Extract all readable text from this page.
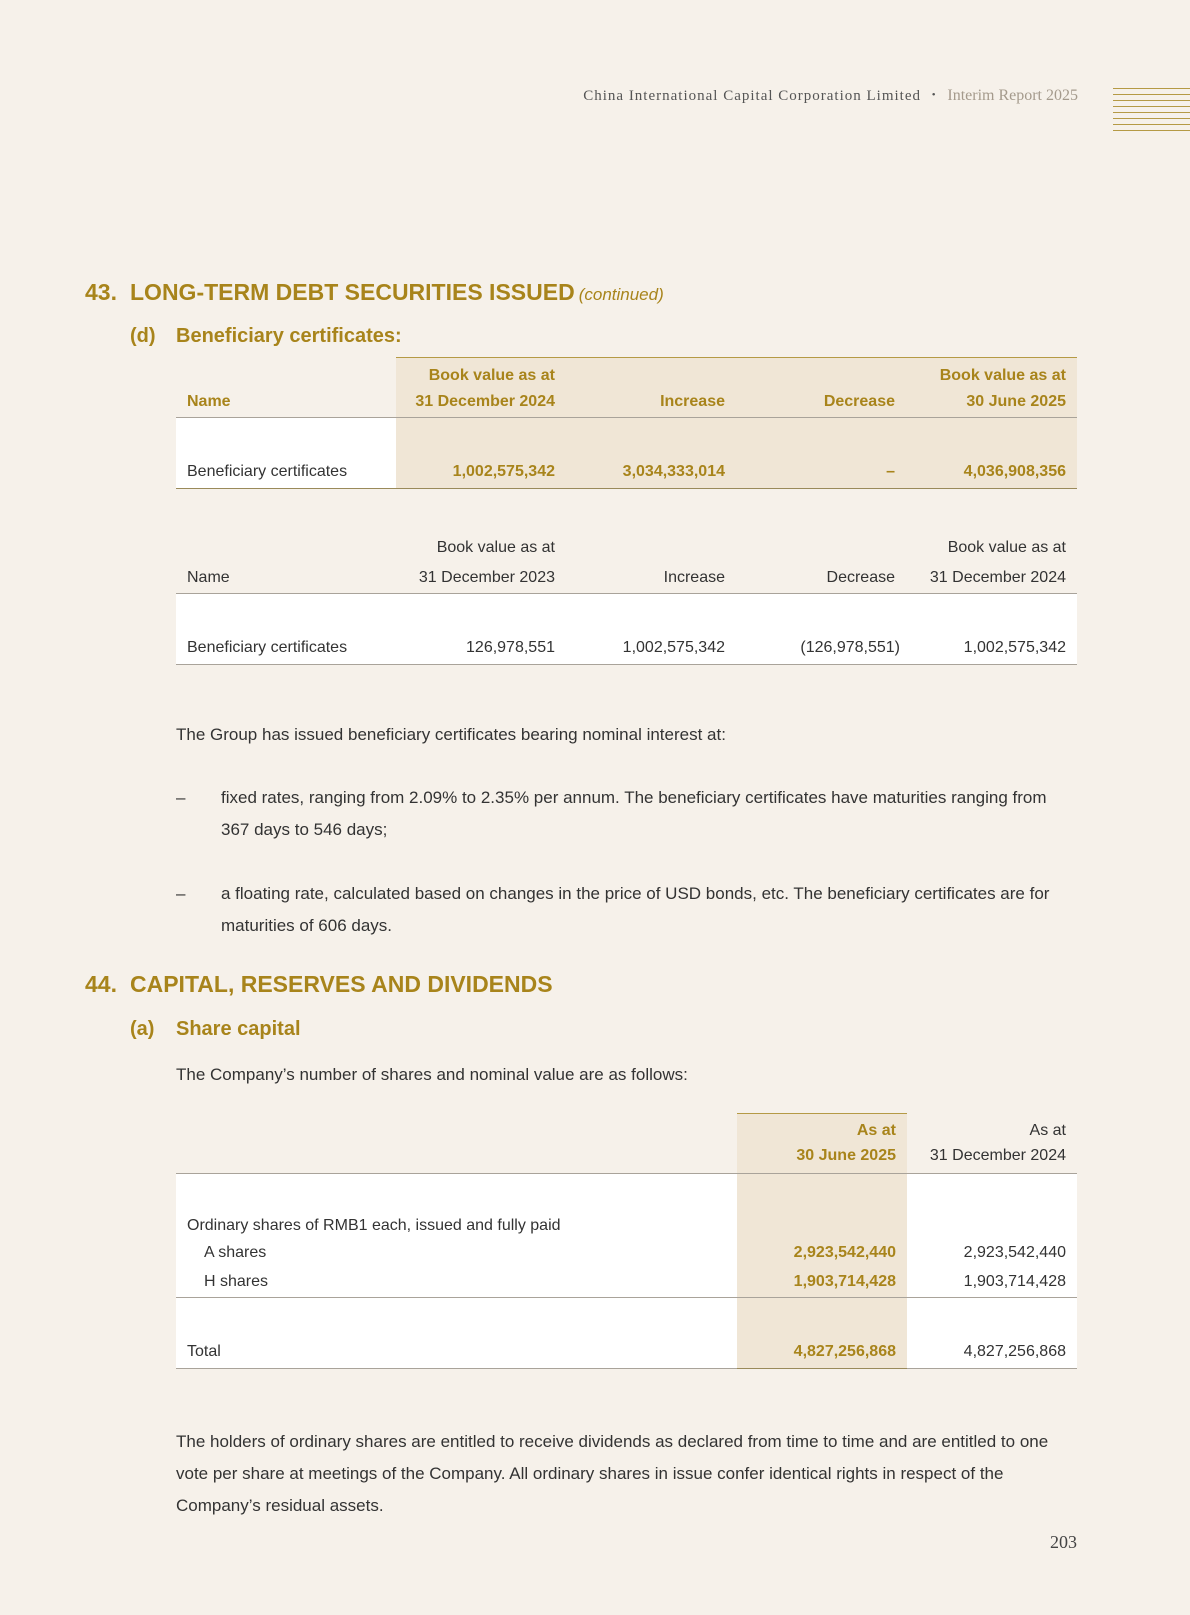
China International Capital Corporation Limited • Interim Report 2025
43. LONG-TERM DEBT SECURITIES ISSUED (continued)
(d) Beneficiary certificates:
	Book value as at			Book value as at
Name	31 December 2024	Increase	Decrease	30 June 2025
Beneficiary certificates	1,002,575,342	3,034,333,014	–	4,036,908,356
	Book value as at			Book value as at
Name	31 December 2023	Increase	Decrease	31 December 2024
Beneficiary certificates	126,978,551	1,002,575,342	(126,978,551)	1,002,575,342
The Group has issued beneficiary certificates bearing nominal interest at:
–	fixed rates, ranging from 2.09% to 2.35% per annum. The beneficiary certificates have maturities ranging from 367 days to 546 days;
–	a floating rate, calculated based on changes in the price of USD bonds, etc. The beneficiary certificates are for maturities of 606 days.
44. CAPITAL, RESERVES AND DIVIDENDS
(a) Share capital
The Company’s number of shares and nominal value are as follows:
	As at	As at
	30 June 2025	31 December 2024
Ordinary shares of RMB1 each, issued and fully paid		
A shares	2,923,542,440	2,923,542,440
H shares	1,903,714,428	1,903,714,428
Total	4,827,256,868	4,827,256,868
The holders of ordinary shares are entitled to receive dividends as declared from time to time and are entitled to one vote per share at meetings of the Company. All ordinary shares in issue confer identical rights in respect of the Company’s residual assets.
203
